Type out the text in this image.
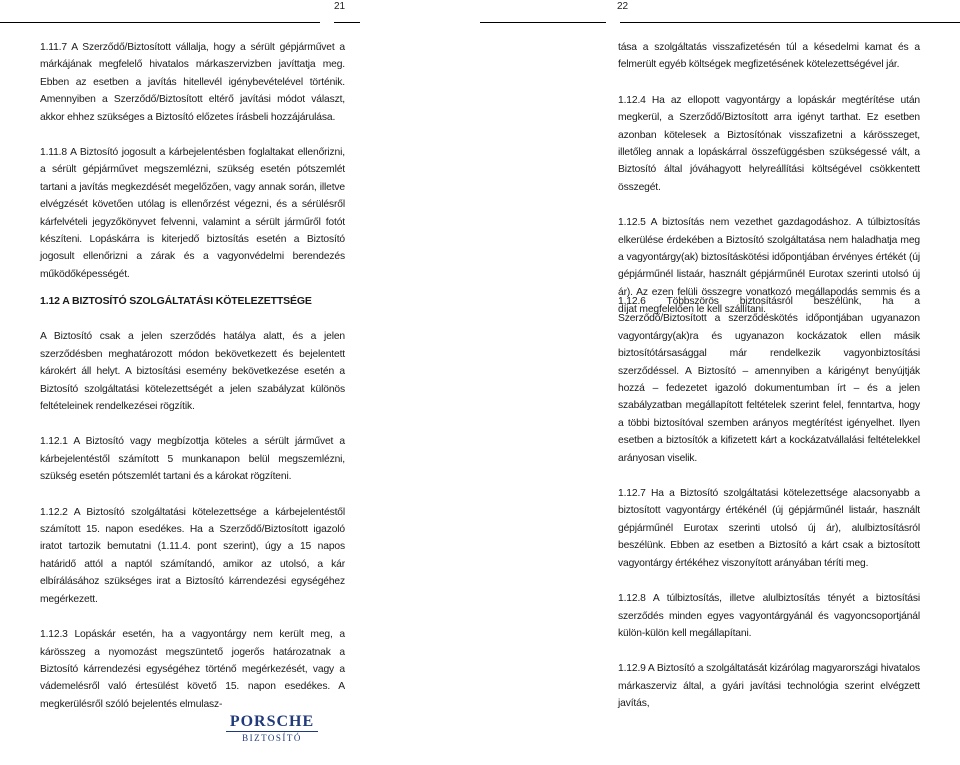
21

1.11.7 A Szerződő/Biztosított vállalja, hogy a sérült gépjárművet a márkájának megfelelő hivatalos márkaszervizben javíttatja meg. Ebben az esetben a javítás hitellevél igénybevételével történik. Amennyiben a Szerződő/Biztosított eltérő javítási módot választ, akkor ehhez szükséges a Biztosító előzetes írásbeli hozzájárulása.

1.11.8 A Biztosító jogosult a kárbejelentésben foglaltakat ellenőrizni, a sérült gépjárművet megszemlézni, szükség esetén pótszemlét tartani a javítás megkezdését megelőzően, vagy annak során, illetve elvégzését követően utólag is ellenőrzést végezni, és a sérülésről kárfelvételi jegyzőkönyvet felvenni, valamint a sérült járműről fotót készíteni. Lopáskárra is kiterjedő biztosítás esetén a Biztosító jogosult ellenőrizni a zárak és a vagyonvédelmi berendezés működőképességét.

1.12 A BIZTOSÍTÓ SZOLGÁLTATÁSI KÖTELEZETTSÉGE

A Biztosító csak a jelen szerződés hatálya alatt, és a jelen szerződésben meghatározott módon bekövetkezett és bejelentett károkért áll helyt. A biztosítási esemény bekövetkezése esetén a Biztosító szolgáltatási kötelezettségét a jelen szabályzat különös feltételeinek rendelkezései rögzítik.

1.12.1 A Biztosító vagy megbízottja köteles a sérült járművet a kárbejelentéstől számított 5 munkanapon belül megszemlézni, szükség esetén pótszemlét tartani és a károkat rögzíteni.

1.12.2 A Biztosító szolgáltatási kötelezettsége a kárbejelentéstől számított 15. napon esedékes. Ha a Szerződő/Biztosított igazoló iratot tartozik bemutatni (1.11.4. pont szerint), úgy a 15 napos határidő attól a naptól számítandó, amikor az utolsó, a kár elbírálásához szükséges irat a Biztosító kárrendezési egységéhez megérkezett.

1.12.3 Lopáskár esetén, ha a vagyontárgy nem került meg, a kárösszeg a nyomozást megszüntető jogerős határozatnak a Biztosító kárrendezési egységéhez történő megérkezését, vagy a vádemelésről való értesülést követő 15. napon esedékes. A megkerülésről szóló bejelentés elmulasz-

PORSCHE
BIZTOSÍTÓ
22

tása a szolgáltatás visszafizetésén túl a késedelmi kamat és a felmerült egyéb költségek megfizetésének kötelezettségével jár.

1.12.4 Ha az ellopott vagyontárgy a lopáskár megtérítése után megkerül, a Szerződő/Biztosított arra igényt tarthat. Ez esetben azonban kötelesek a Biztosítónak visszafizetni a kárösszeget, illetőleg annak a lopáskárral összefüggésben szükségessé vált, a Biztosító által jóváhagyott helyreállítási költségével csökkentett összegét.

1.12.5 A biztosítás nem vezethet gazdagodáshoz. A túlbiztosítás elkerülése érdekében a Biztosító szolgáltatása nem haladhatja meg a vagyontárgy(ak) biztosításkötési időpontjában érvényes értékét (új gépjárműnél listaár, használt gépjárműnél Eurotax szerinti utolsó új ár). Az ezen felüli összegre vonatkozó megállapodás semmis és a díjat megfelelően le kell szállítani.

1.12.6 Többszörös biztosításról beszélünk, ha a Szerződő/Biztosított a szerződéskötés időpontjában ugyanazon vagyontárgy(ak)ra és ugyanazon kockázatok ellen másik biztosítótársasággal már rendelkezik vagyonbiztosítási szerződéssel. A Biztosító – amennyiben a kárigényt benyújtják hozzá – fedezetet igazoló dokumentumban írt – és a jelen szabályzatban megállapított feltételek szerint felel, fenntartva, hogy a többi biztosítóval szemben arányos megtérítést igényelhet. Ilyen esetben a biztosítók a kifizetett kárt a kockázatvállalási feltételekkel arányosan viselik.

1.12.7 Ha a Biztosító szolgáltatási kötelezettsége alacsonyabb a biztosított vagyontárgy értékénél (új gépjárműnél listaár, használt gépjárműnél Eurotax szerinti utolsó új ár), alulbiztosításról beszélünk. Ebben az esetben a Biztosító a kárt csak a biztosított vagyontárgy értékéhez viszonyított arányában téríti meg.

1.12.8 A túlbiztosítás, illetve alulbiztosítás tényét a biztosítási szerződés minden egyes vagyontárgyánál és vagyoncsoportjánál külön-külön kell megállapítani.

1.12.9 A Biztosító a szolgáltatását kizárólag magyarországi hivatalos márkaszerviz által, a gyári javítási technológia szerint elvégzett javítás,
